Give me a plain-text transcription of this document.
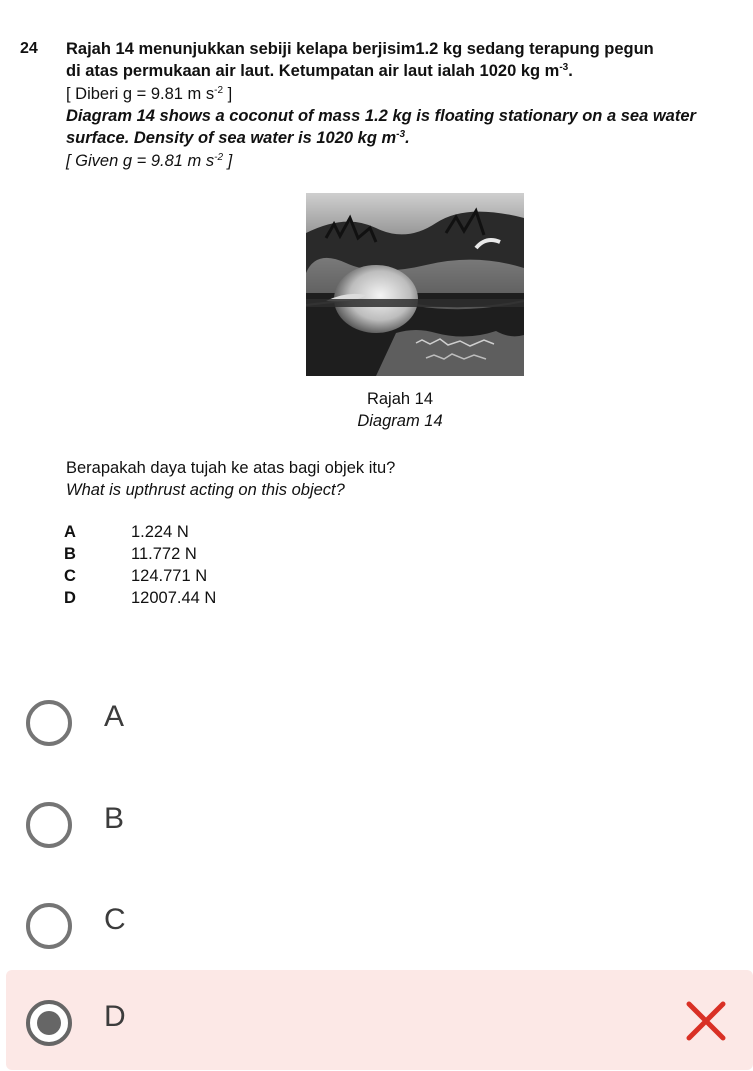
24 Rajah 14 menunjukkan sebiji kelapa berjisim1.2 kg sedang terapung pegun
di atas permukaan air laut. Ketumpatan air laut ialah 1020 kg $m^{-3}$.
[ Diberi g = 9.81 m $s^{-2}$ ]
Diagram 14 shows a coconut of mass 1.2 kg is floating stationary on a sea water
surface. Density of sea water is 1020 kg $m^{-3}$.
[ Given g = 9.81 m $s^{-2}$ ]
Rajah 14
Diagram 14
Berapakah daya tujah ke atas bagi objek itu?
What is upthrust acting on this object?
A	1.224 N
B	11.772 N
C	124.771 N
D	12007.44 N
A
B
C
D
